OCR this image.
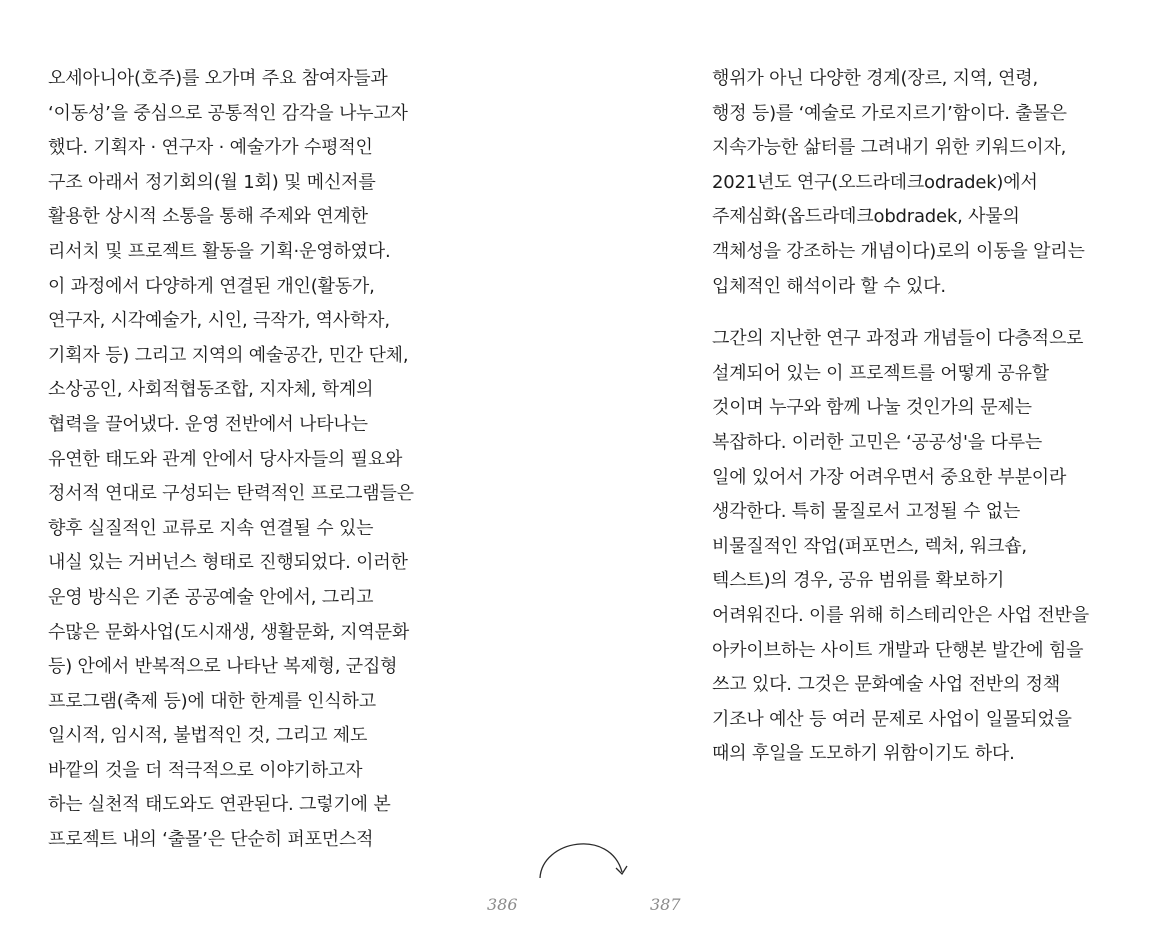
오세아니아(호주)를 오가며 주요 참여자들과
‘이동성’을 중심으로 공통적인 감각을 나누고자
했다. 기획자 · 연구자 · 예술가가 수평적인
구조 아래서 정기회의(월 1회) 및 메신저를
활용한 상시적 소통을 통해 주제와 연계한
리서치 및 프로젝트 활동을 기획·운영하였다.
이 과정에서 다양하게 연결된 개인(활동가,
연구자, 시각예술가, 시인, 극작가, 역사학자,
기획자 등) 그리고 지역의 예술공간, 민간 단체,
소상공인, 사회적협동조합, 지자체, 학계의
협력을 끌어냈다. 운영 전반에서 나타나는
유연한 태도와 관계 안에서 당사자들의 필요와
정서적 연대로 구성되는 탄력적인 프로그램들은
향후 실질적인 교류로 지속 연결될 수 있는
내실 있는 거버넌스 형태로 진행되었다. 이러한
운영 방식은 기존 공공예술 안에서, 그리고
수많은 문화사업(도시재생, 생활문화, 지역문화
등) 안에서 반복적으로 나타난 복제형, 군집형
프로그램(축제 등)에 대한 한계를 인식하고
일시적, 임시적, 불법적인 것, 그리고 제도
바깥의 것을 더 적극적으로 이야기하고자
하는 실천적 태도와도 연관된다. 그렇기에 본
프로젝트 내의 ‘출몰’은 단순히 퍼포먼스적
행위가 아닌 다양한 경계(장르, 지역, 연령,
행정 등)를 ‘예술로 가로지르기’함이다. 출몰은
지속가능한 삶터를 그려내기 위한 키워드이자,
2021년도 연구(오드라데크odradek)에서
주제심화(옵드라데크obdradek, 사물의
객체성을 강조하는 개념이다)로의 이동을 알리는
입체적인 해석이라 할 수 있다.
그간의 지난한 연구 과정과 개념들이 다층적으로
설계되어 있는 이 프로젝트를 어떻게 공유할
것이며 누구와 함께 나눌 것인가의 문제는
복잡하다. 이러한 고민은 ‘공공성'을 다루는
일에 있어서 가장 어려우면서 중요한 부분이라
생각한다. 특히 물질로서 고정될 수 없는
비물질적인 작업(퍼포먼스, 렉처, 워크숍,
텍스트)의 경우, 공유 범위를 확보하기
어려워진다. 이를 위해 히스테리안은 사업 전반을
아카이브하는 사이트 개발과 단행본 발간에 힘을
쓰고 있다. 그것은 문화예술 사업 전반의 정책
기조나 예산 등 여러 문제로 사업이 일몰되었을
때의 후일을 도모하기 위함이기도 하다.
386	387
